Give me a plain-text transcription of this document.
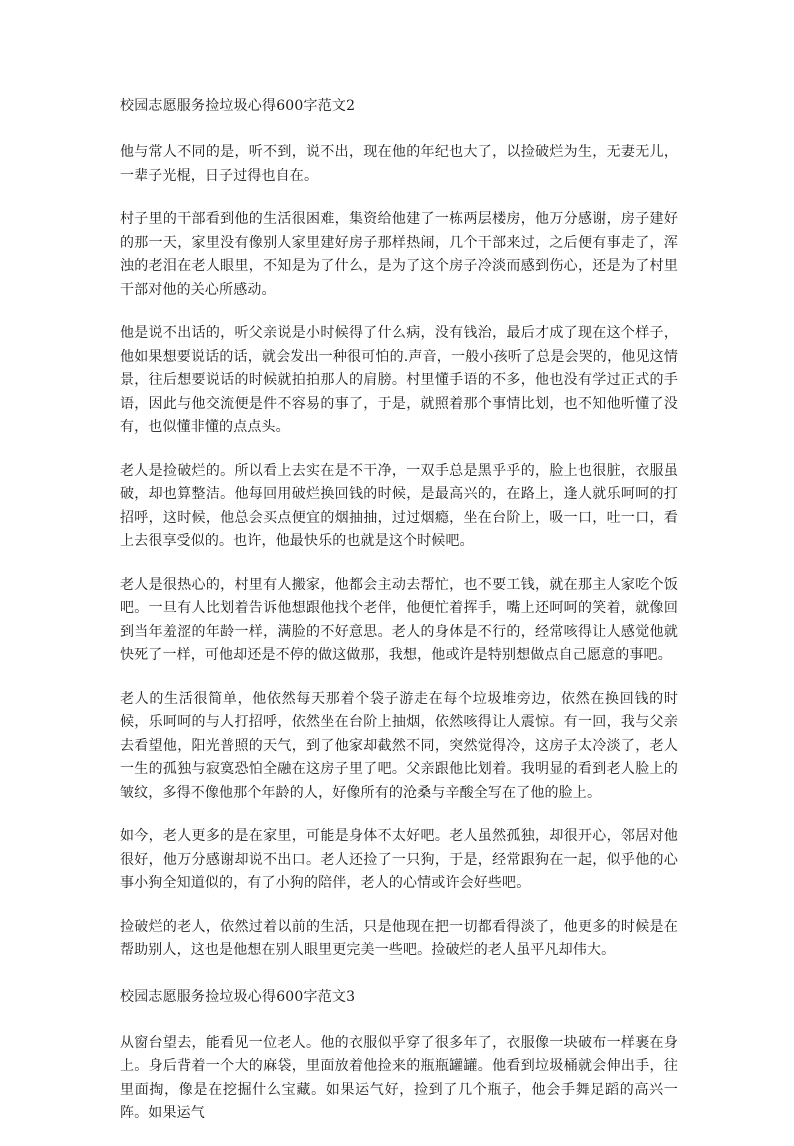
校园志愿服务捡垃圾心得600字范文2
他与常人不同的是，听不到，说不出，现在他的年纪也大了，以捡破烂为生，无妻无儿，一辈子光棍，日子过得也自在。
村子里的干部看到他的生活很困难，集资给他建了一栋两层楼房，他万分感谢，房子建好的那一天，家里没有像别人家里建好房子那样热闹，几个干部来过，之后便有事走了，浑浊的老泪在老人眼里，不知是为了什么，是为了这个房子冷淡而感到伤心，还是为了村里干部对他的关心所感动。
他是说不出话的，听父亲说是小时候得了什么病，没有钱治，最后才成了现在这个样子，他如果想要说话的话，就会发出一种很可怕的.声音，一般小孩听了总是会哭的，他见这情景，往后想要说话的时候就拍拍那人的肩膀。村里懂手语的不多，他也没有学过正式的手语，因此与他交流便是件不容易的事了，于是，就照着那个事情比划，也不知他听懂了没有，也似懂非懂的点点头。
老人是捡破烂的。所以看上去实在是不干净，一双手总是黑乎乎的，脸上也很脏，衣服虽破，却也算整洁。他每回用破烂换回钱的时候，是最高兴的，在路上，逢人就乐呵呵的打招呼，这时候，他总会买点便宜的烟抽抽，过过烟瘾，坐在台阶上，吸一口，吐一口，看上去很享受似的。也许，他最快乐的也就是这个时候吧。
老人是很热心的，村里有人搬家，他都会主动去帮忙，也不要工钱，就在那主人家吃个饭吧。一旦有人比划着告诉他想跟他找个老伴，他便忙着挥手，嘴上还呵呵的笑着，就像回到当年羞涩的年龄一样，满脸的不好意思。老人的身体是不行的，经常咳得让人感觉他就快死了一样，可他却还是不停的做这做那，我想，他或许是特别想做点自己愿意的事吧。
老人的生活很简单，他依然每天那着个袋子游走在每个垃圾堆旁边，依然在换回钱的时候，乐呵呵的与人打招呼，依然坐在台阶上抽烟，依然咳得让人震惊。有一回，我与父亲去看望他，阳光普照的天气，到了他家却截然不同，突然觉得冷，这房子太冷淡了，老人一生的孤独与寂寞恐怕全融在这房子里了吧。父亲跟他比划着。我明显的看到老人脸上的皱纹，多得不像他那个年龄的人，好像所有的沧桑与辛酸全写在了他的脸上。
如今，老人更多的是在家里，可能是身体不太好吧。老人虽然孤独，却很开心，邻居对他很好，他万分感谢却说不出口。老人还捡了一只狗，于是，经常跟狗在一起，似乎他的心事小狗全知道似的，有了小狗的陪伴，老人的心情或许会好些吧。
捡破烂的老人，依然过着以前的生活，只是他现在把一切都看得淡了，他更多的时候是在帮助别人，这也是他想在别人眼里更完美一些吧。捡破烂的老人虽平凡却伟大。
校园志愿服务捡垃圾心得600字范文3
从窗台望去，能看见一位老人。他的衣服似乎穿了很多年了，衣服像一块破布一样裹在身上。身后背着一个大的麻袋，里面放着他捡来的瓶瓶罐罐。他看到垃圾桶就会伸出手，往里面掏，像是在挖掘什么宝藏。如果运气好，捡到了几个瓶子，他会手舞足蹈的高兴一阵。如果运气
